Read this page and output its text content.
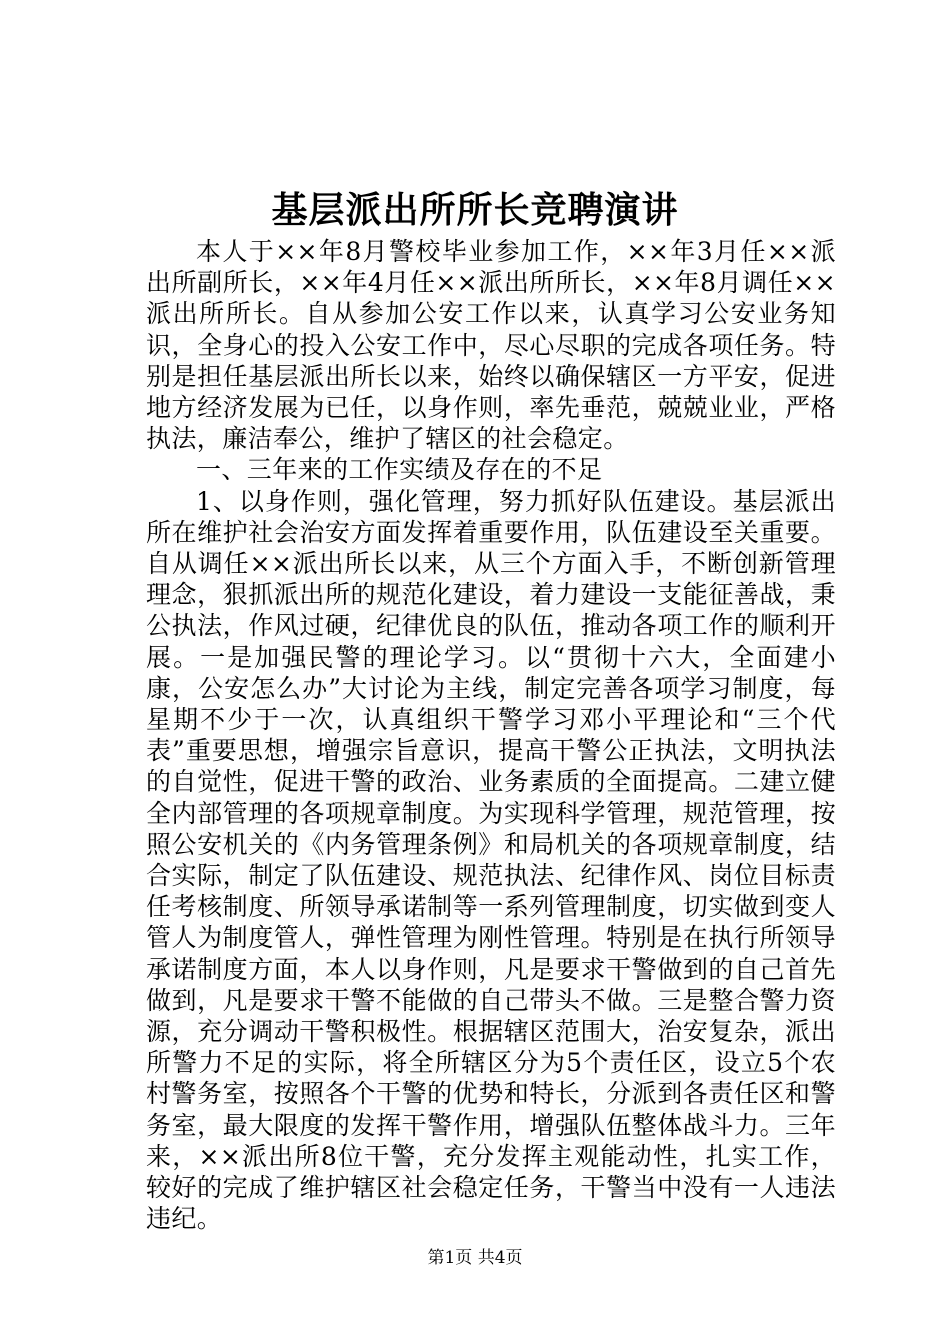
基层派出所所长竞聘演讲

本人于××年8月警校毕业参加工作，××年3月任××派出所副所长，××年4月任××派出所所长，××年8月调任××派出所所长。自从参加公安工作以来，认真学习公安业务知识，全身心的投入公安工作中，尽心尽职的完成各项任务。特别是担任基层派出所长以来，始终以确保辖区一方平安，促进地方经济发展为已任，以身作则，率先垂范，兢兢业业，严格执法，廉洁奉公，维护了辖区的社会稳定。

一、三年来的工作实绩及存在的不足

1、以身作则，强化管理，努力抓好队伍建设。基层派出所在维护社会治安方面发挥着重要作用，队伍建设至关重要。自从调任××派出所长以来，从三个方面入手，不断创新管理理念，狠抓派出所的规范化建设，着力建设一支能征善战，秉公执法，作风过硬，纪律优良的队伍，推动各项工作的顺利开展。一是加强民警的理论学习。以“贯彻十六大，全面建小康，公安怎么办”大讨论为主线，制定完善各项学习制度，每星期不少于一次，认真组织干警学习邓小平理论和“三个代表”重要思想，增强宗旨意识，提高干警公正执法，文明执法的自觉性，促进干警的政治、业务素质的全面提高。二建立健全内部管理的各项规章制度。为实现科学管理，规范管理，按照公安机关的《内务管理条例》和局机关的各项规章制度，结合实际，制定了队伍建设、规范执法、纪律作风、岗位目标责任考核制度、所领导承诺制等一系列管理制度，切实做到变人管人为制度管人，弹性管理为刚性管理。特别是在执行所领导承诺制度方面，本人以身作则，凡是要求干警做到的自己首先做到，凡是要求干警不能做的自己带头不做。三是整合警力资源，充分调动干警积极性。根据辖区范围大，治安复杂，派出所警力不足的实际，将全所辖区分为5个责任区，设立5个农村警务室，按照各个干警的优势和特长，分派到各责任区和警务室，最大限度的发挥干警作用，增强队伍整体战斗力。三年来，××派出所8位干警，充分发挥主观能动性，扎实工作，较好的完成了维护辖区社会稳定任务，干警当中没有一人违法违纪。

第1页 共4页
